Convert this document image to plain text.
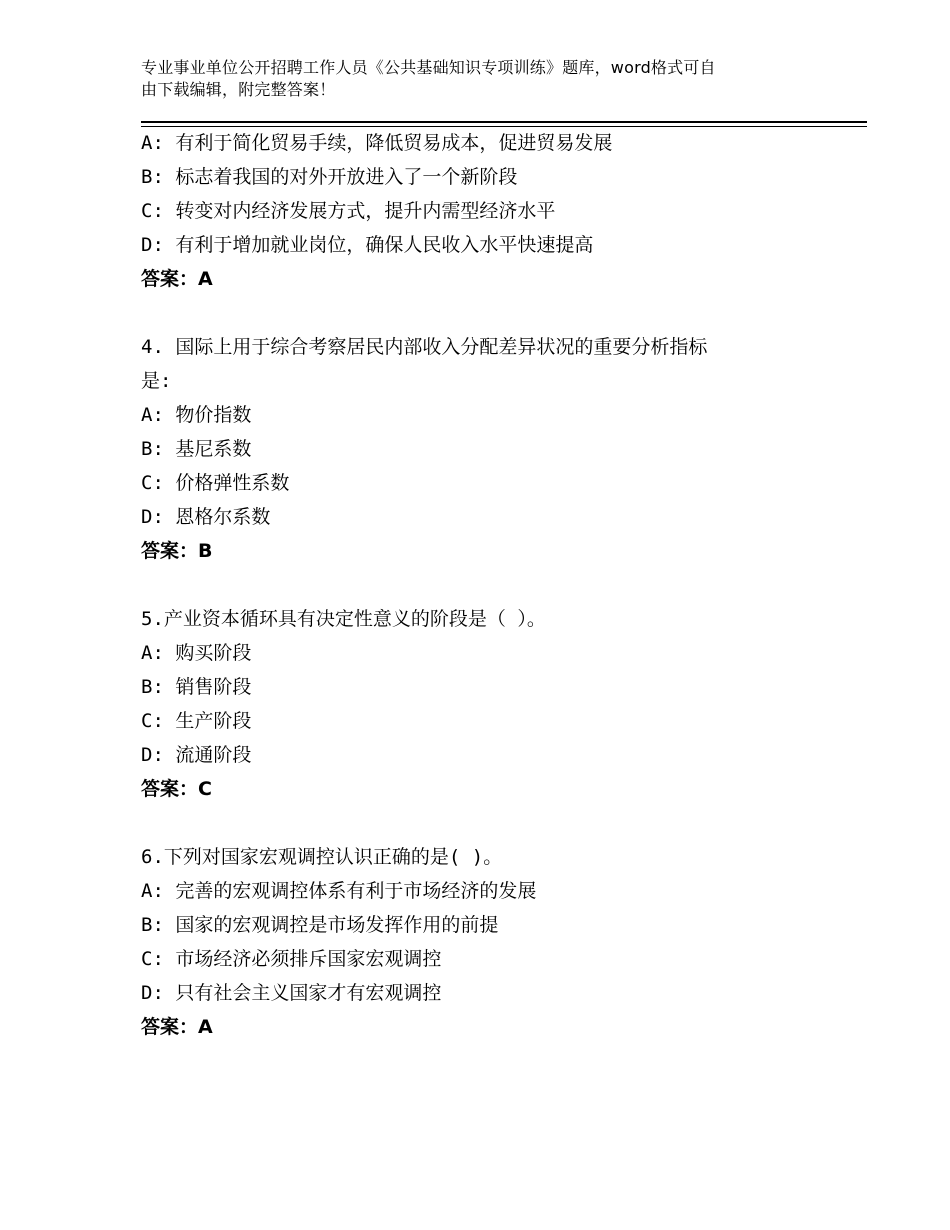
专业事业单位公开招聘工作人员《公共基础知识专项训练》题库，word格式可自
由下载编辑，附完整答案！
A: 有利于简化贸易手续，降低贸易成本，促进贸易发展
B: 标志着我国的对外开放进入了一个新阶段
C: 转变对内经济发展方式，提升内需型经济水平
D: 有利于增加就业岗位，确保人民收入水平快速提高
答案：A
4. 国际上用于综合考察居民内部收入分配差异状况的重要分析指标
是:
A: 物价指数
B: 基尼系数
C: 价格弹性系数
D: 恩格尔系数
答案：B
5.产业资本循环具有决定性意义的阶段是（ ）。
A: 购买阶段
B: 销售阶段
C: 生产阶段
D: 流通阶段
答案：C
6.下列对国家宏观调控认识正确的是( )。
A: 完善的宏观调控体系有利于市场经济的发展
B: 国家的宏观调控是市场发挥作用的前提
C: 市场经济必须排斥国家宏观调控
D: 只有社会主义国家才有宏观调控
答案：A
